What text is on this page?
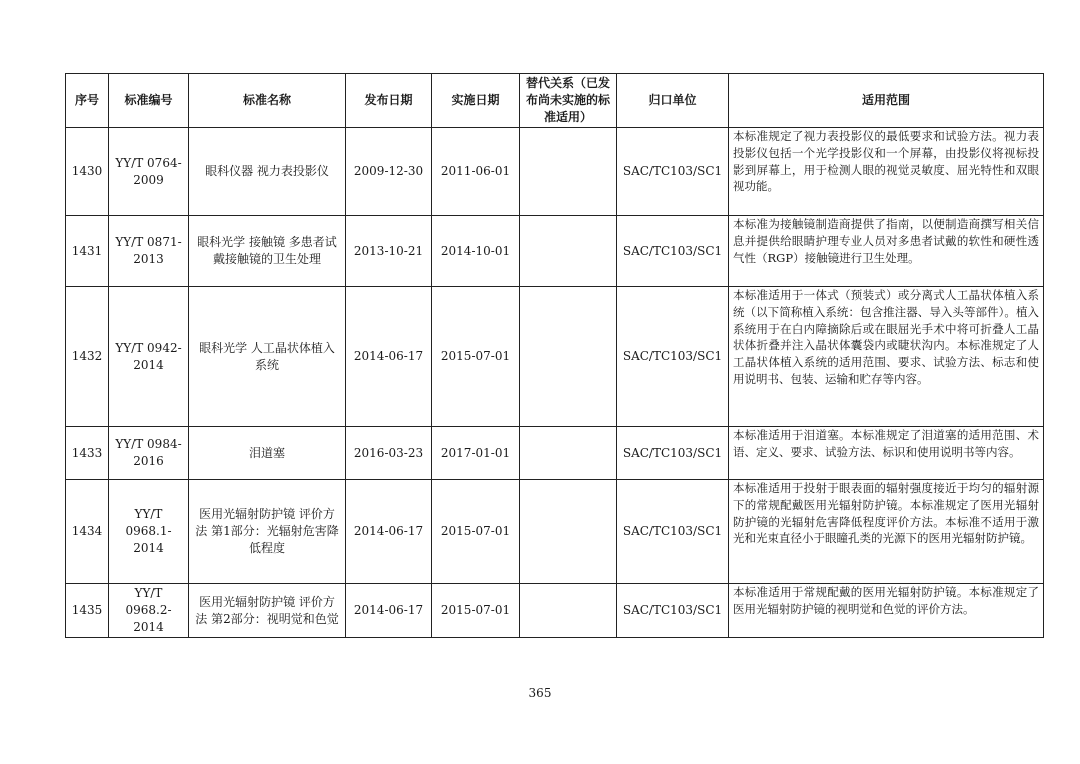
序号	标准编号	标准名称	发布日期	实施日期	替代关系（已发布尚未实施的标准适用）	归口单位	适用范围
1430	YY/T 0764-2009	眼科仪器 视力表投影仪	2009-12-30	2011-06-01		SAC/TC103/SC1	本标准规定了视力表投影仪的最低要求和试验方法。视力表投影仪包括一个光学投影仪和一个屏幕，由投影仪将视标投影到屏幕上，用于检测人眼的视觉灵敏度、屈光特性和双眼视功能。
1431	YY/T 0871-2013	眼科光学 接触镜 多患者试戴接触镜的卫生处理	2013-10-21	2014-10-01		SAC/TC103/SC1	本标准为接触镜制造商提供了指南，以便制造商撰写相关信息并提供给眼睛护理专业人员对多患者试戴的软性和硬性透气性（RGP）接触镜进行卫生处理。
1432	YY/T 0942-2014	眼科光学 人工晶状体植入系统	2014-06-17	2015-07-01		SAC/TC103/SC1	本标准适用于一体式（预装式）或分离式人工晶状体植入系统（以下简称植入系统：包含推注器、导入头等部件）。植入系统用于在白内障摘除后或在眼屈光手术中将可折叠人工晶状体折叠并注入晶状体囊袋内或睫状沟内。本标准规定了人工晶状体植入系统的适用范围、要求、试验方法、标志和使用说明书、包装、运输和贮存等内容。
1433	YY/T 0984-2016	泪道塞	2016-03-23	2017-01-01		SAC/TC103/SC1	本标准适用于泪道塞。本标准规定了泪道塞的适用范围、术语、定义、要求、试验方法、标识和使用说明书等内容。
1434	YY/T 0968.1-2014	医用光辐射防护镜 评价方法 第1部分：光辐射危害降低程度	2014-06-17	2015-07-01		SAC/TC103/SC1	本标准适用于投射于眼表面的辐射强度接近于均匀的辐射源下的常规配戴医用光辐射防护镜。本标准规定了医用光辐射防护镜的光辐射危害降低程度评价方法。本标准不适用于激光和光束直径小于眼瞳孔类的光源下的医用光辐射防护镜。
1435	YY/T 0968.2-2014	医用光辐射防护镜 评价方法 第2部分：视明觉和色觉	2014-06-17	2015-07-01		SAC/TC103/SC1	本标准适用于常规配戴的医用光辐射防护镜。本标准规定了医用光辐射防护镜的视明觉和色觉的评价方法。
365
